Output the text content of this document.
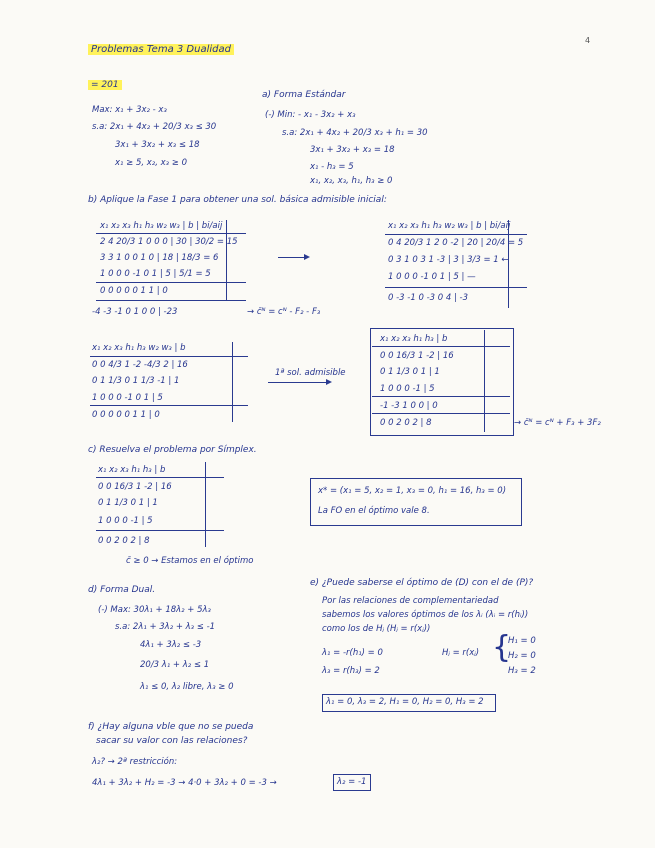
4
Problemas Tema 3 Dualidad
= 201
Max: x₁ + 3x₂ - x₃
s.a: 2x₁ + 4x₂ + 20/3 x₃ ≤ 30
3x₁ + 3x₂ + x₃ ≤ 18
x₁ ≥ 5, x₂, x₃ ≥ 0
a) Forma Estándar
(-) Min: - x₁ - 3x₂ + x₃
s.a: 2x₁ + 4x₂ + 20/3 x₃ + h₁ = 30
3x₁ + 3x₂ + x₃ = 18
x₁ - h₃ = 5
x₁, x₂, x₃, h₁, h₃ ≥ 0
b) Aplique la Fase 1 para obtener una sol. básica admisible inicial:
x₁ x₂ x₃ h₁ h₃ w₂ w₃ | b | bi/aij
2 4 20/3 1 0 0 0 | 30 | 30/2 = 15
3 3 1 0 0 1 0 | 18 | 18/3 = 6
1 0 0 0 -1 0 1 | 5 | 5/1 = 5
0 0 0 0 0 1 1 | 0
-4 -3 -1 0 1 0 0 | -23	→ c̄ᴺ = cᴺ - F₂ - F₃
x₁ x₂ x₃ h₁ h₃ w₂ w₃ | b | bi/aij
0 4 20/3 1 2 0 -2 | 20 | 20/4 = 5
0 3 1 0 3 1 -3 | 3 | 3/3 = 1 ←
1 0 0 0 -1 0 1 | 5 | —
0 -3 -1 0 -3 0 4 | -3
x₁ x₂ x₃ h₁ h₃ w₂ w₃ | b
0 0 4/3 1 -2 -4/3 2 | 16
0 1 1/3 0 1 1/3 -1 | 1
1 0 0 0 -1 0 1 | 5
0 0 0 0 0 1 1 | 0
1ª sol. admisible
x₁ x₂ x₃ h₁ h₃ | b
0 0 16/3 1 -2 | 16
0 1 1/3 0 1 | 1
1 0 0 0 -1 | 5
-1 -3 1 0 0 | 0
0 0 2 0 2 | 8	→ c̄ᴺ = cᴺ + F₃ + 3F₂
c) Resuelva el problema por Símplex.
x₁ x₂ x₃ h₁ h₃ | b
0 0 16/3 1 -2 | 16
0 1 1/3 0 1 | 1
1 0 0 0 -1 | 5
0 0 2 0 2 | 8
c̄ ≥ 0 → Estamos en el óptimo
x* = (x₁ = 5, x₂ = 1, x₃ = 0, h₁ = 16, h₃ = 0)
La FO en el óptimo vale 8.
d) Forma Dual.
(-) Max: 30λ₁ + 18λ₂ + 5λ₃
s.a: 2λ₁ + 3λ₂ + λ₃ ≤ -1
4λ₁ + 3λ₂ ≤ -3
20/3 λ₁ + λ₂ ≤ 1
λ₁ ≤ 0, λ₂ libre, λ₃ ≥ 0
e) ¿Puede saberse el óptimo de (D) con el de (P)?
Por las relaciones de complementariedad
sabemos los valores óptimos de los λᵢ (λᵢ = r(hᵢ))
como los de Hⱼ (Hⱼ = r(xⱼ))
λ₁ = -r(h₁) = 0
λ₃ = r(h₃) = 2
Hⱼ = r(xⱼ) {
H₁ = 0
H₂ = 0
H₃ = 2
λ₁ = 0, λ₃ = 2, H₁ = 0, H₂ = 0, H₃ = 2
f) ¿Hay alguna vble que no se pueda
sacar su valor con las relaciones?
λ₂? → 2ª restricción:
4λ₁ + 3λ₂ + H₂ = -3 → 4·0 + 3λ₂ + 0 = -3 →	λ₂ = -1
